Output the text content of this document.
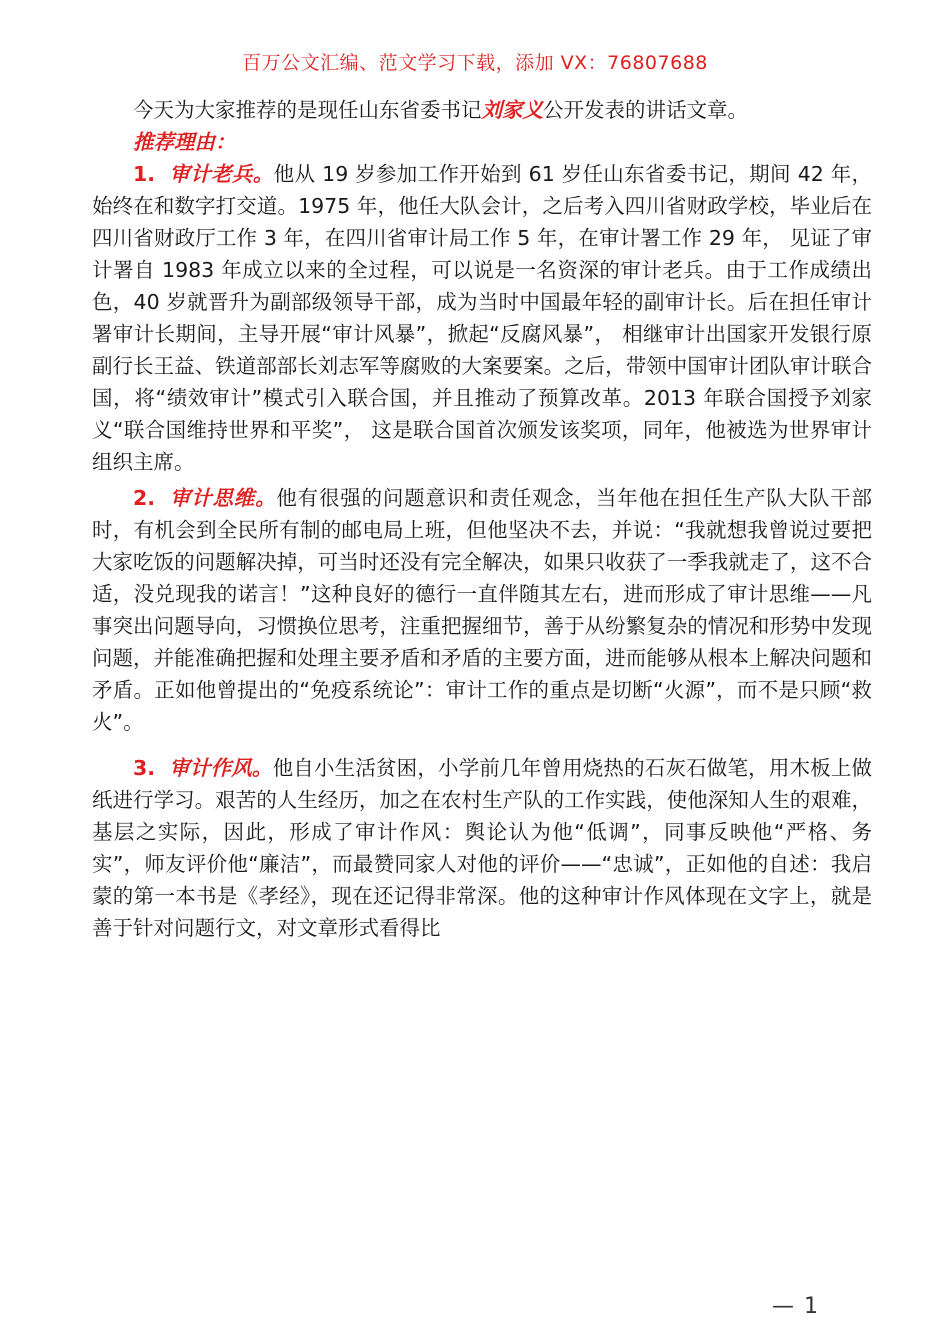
百万公文汇编、范文学习下载，添加 VX：76807688

今天为大家推荐的是现任山东省委书记刘家义公开发表的讲话文章。

推荐理由：

1. 审计老兵。他从 19 岁参加工作开始到 61 岁任山东省委书记，期间 42 年，始终在和数字打交道。1975 年，他任大队会计，之后考入四川省财政学校，毕业后在四川省财政厅工作 3 年，在四川省审计局工作 5 年，在审计署工作 29 年， 见证了审计署自 1983 年成立以来的全过程，可以说是一名资深的审计老兵。由于工作成绩出色，40 岁就晋升为副部级领导干部，成为当时中国最年轻的副审计长。后在担任审计署审计长期间，主导开展“审计风暴”，掀起“反腐风暴”， 相继审计出国家开发银行原副行长王益、铁道部部长刘志军等腐败的大案要案。之后，带领中国审计团队审计联合国，将“绩效审计”模式引入联合国，并且推动了预算改革。2013 年联合国授予刘家义“联合国维持世界和平奖”， 这是联合国首次颁发该奖项，同年，他被选为世界审计组织主席。

2. 审计思维。他有很强的问题意识和责任观念，当年他在担任生产队大队干部时，有机会到全民所有制的邮电局上班，但他坚决不去，并说：“我就想我曾说过要把大家吃饭的问题解决掉，可当时还没有完全解决，如果只收获了一季我就走了，这不合适，没兑现我的诺言！”这种良好的德行一直伴随其左右，进而形成了审计思维——凡事突出问题导向，习惯换位思考，注重把握细节，善于从纷繁复杂的情况和形势中发现问题，并能准确把握和处理主要矛盾和矛盾的主要方面，进而能够从根本上解决问题和矛盾。正如他曾提出的“免疫系统论”：审计工作的重点是切断“火源”，而不是只顾“救火”。

3. 审计作风。他自小生活贫困，小学前几年曾用烧热的石灰石做笔，用木板上做纸进行学习。艰苦的人生经历，加之在农村生产队的工作实践，使他深知人生的艰难，基层之实际，因此，形成了审计作风：舆论认为他“低调”，同事反映他“严格、务实”，师友评价他“廉洁”，而最赞同家人对他的评价——“忠诚”，正如他的自述：我启蒙的第一本书是《孝经》，现在还记得非常深。他的这种审计作风体现在文字上，就是善于针对问题行文，对文章形式看得比

— 1
